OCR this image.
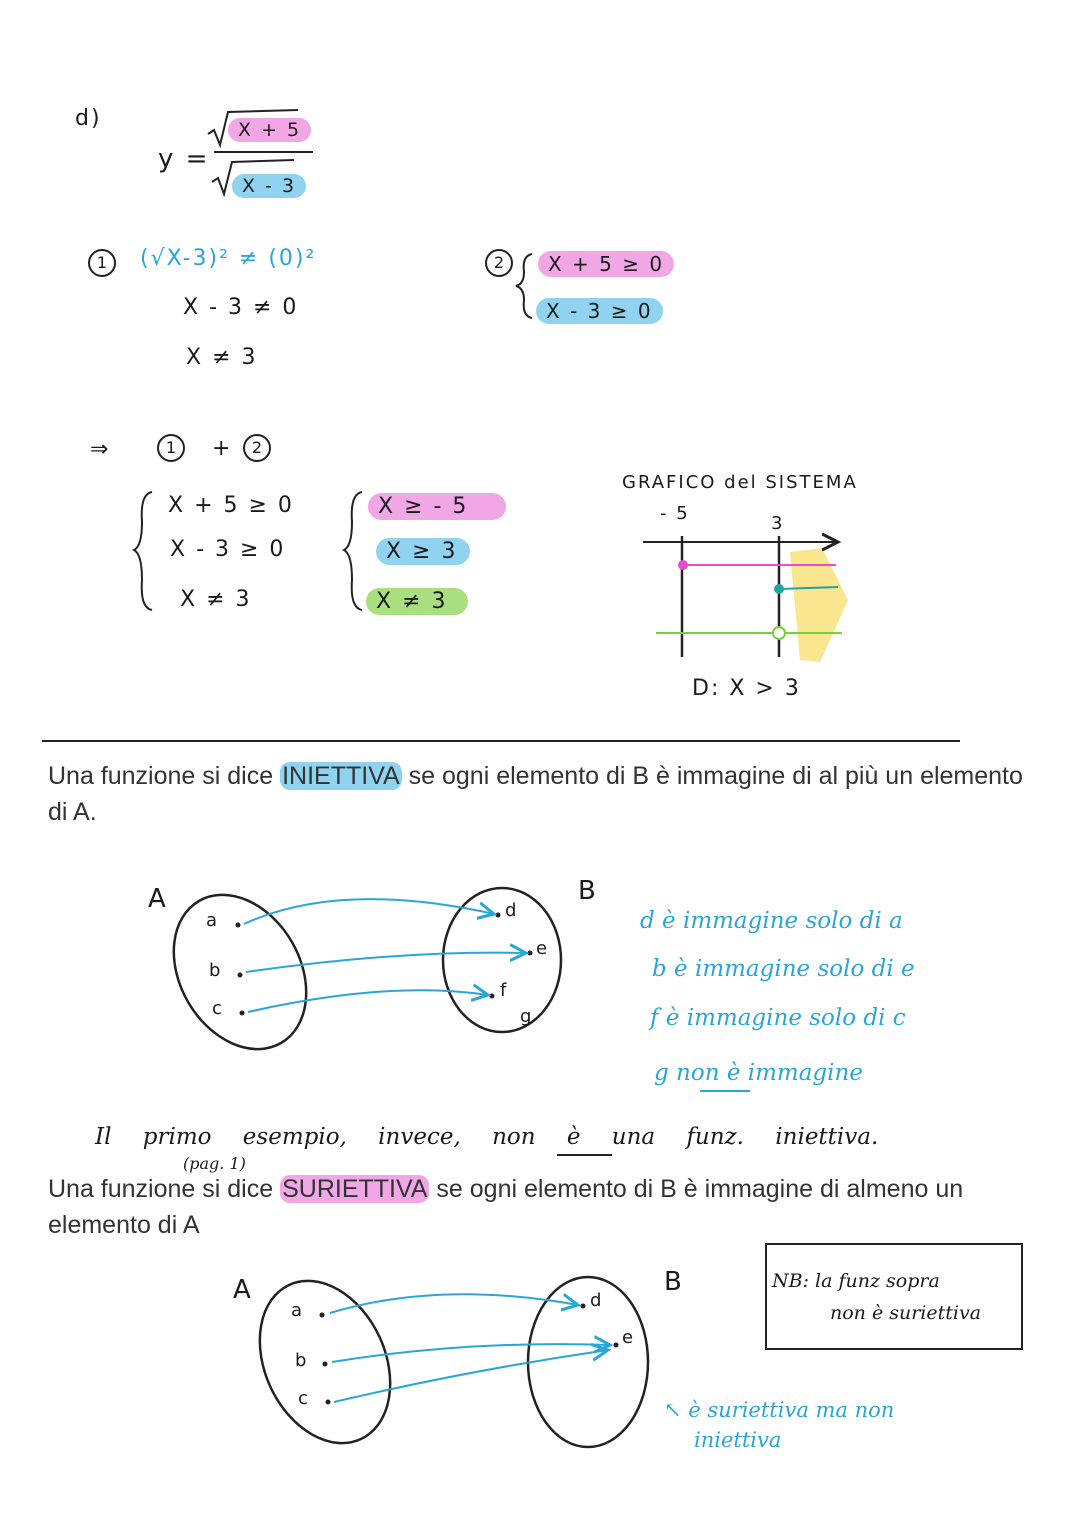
d)
y =
X + 5
X - 3
1	(√X-3)² ≠ (0)²
X - 3 ≠ 0
X ≠ 3
2	X + 5 ≥ 0
X - 3 ≥ 0
⇒	1	+	2
X + 5 ≥ 0
X - 3 ≥ 0
X ≠ 3
X ≥ - 5
X ≥ 3
X ≠ 3
GRAFICO del SISTEMA
- 5	3
D: X > 3
Una funzione si dice INIETTIVA se ogni elemento di B è immagine di al più un elemento di A.
A	B
a
b
c
d
e
f
g
d è immagine solo di a
b è immagine solo di e
f è immagine solo di c
g non è immagine
Il primo esempio, invece, non è una funz. iniettiva.
(pag. 1)
Una funzione si dice SURIETTIVA se ogni elemento di B è immagine di almeno un elemento di A
A	B
a
b
c
d
e
NB: la funz sopra
non è suriettiva
↖ è suriettiva ma non
iniettiva
